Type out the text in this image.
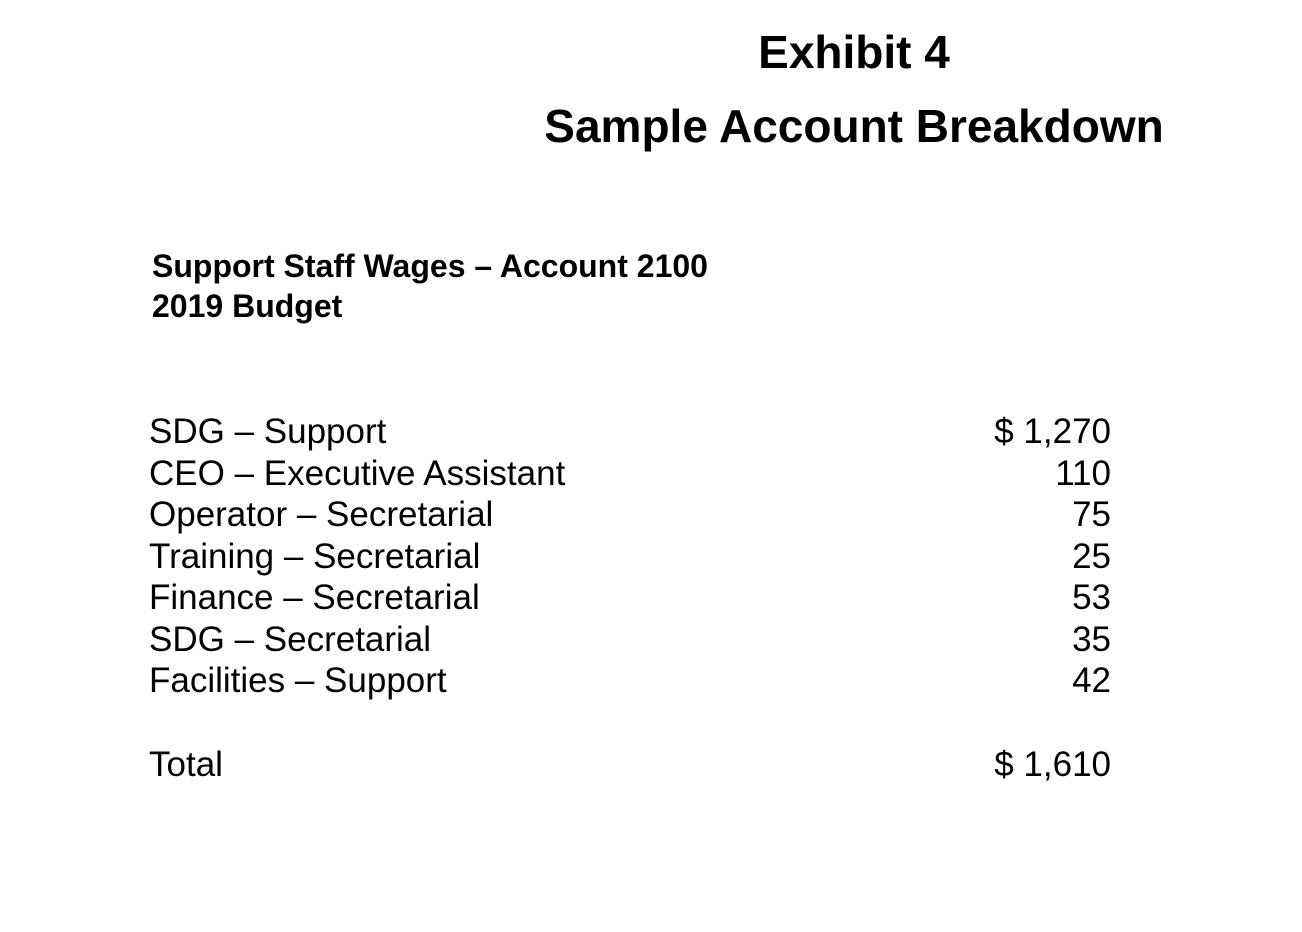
Exhibit 4
Sample Account Breakdown
Support Staff Wages – Account 2100
2019 Budget
SDG – Support	$ 1,270
CEO – Executive Assistant	110
Operator – Secretarial	75
Training – Secretarial	25
Finance – Secretarial	53
SDG – Secretarial	35
Facilities – Support	42
Total	$ 1,610
